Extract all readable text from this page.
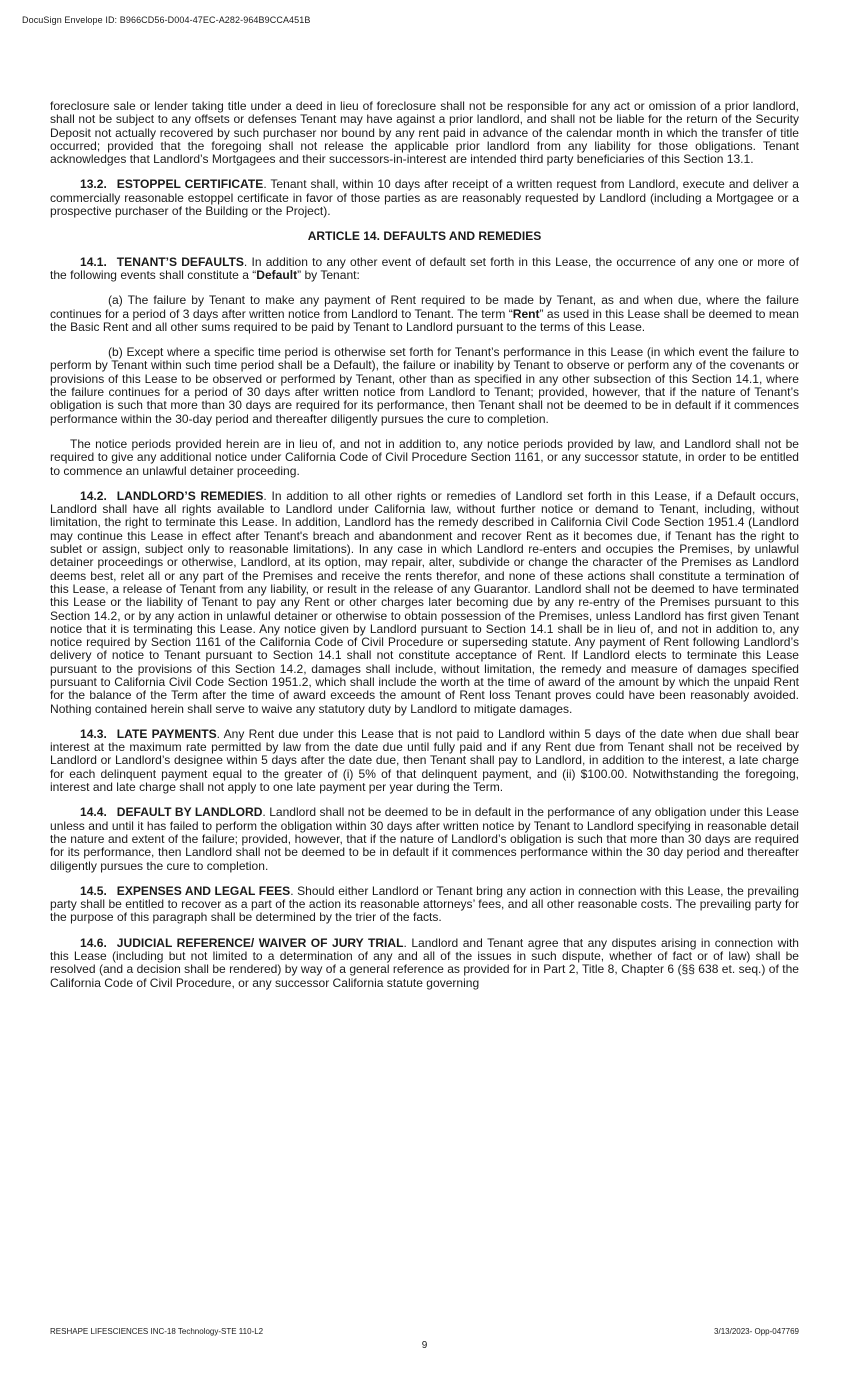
DocuSign Envelope ID: B966CD56-D004-47EC-A282-964B9CCA451B

foreclosure sale or lender taking title under a deed in lieu of foreclosure shall not be responsible for any act or omission of a prior landlord, shall not be subject to any offsets or defenses Tenant may have against a prior landlord, and shall not be liable for the return of the Security Deposit not actually recovered by such purchaser nor bound by any rent paid in advance of the calendar month in which the transfer of title occurred; provided that the foregoing shall not release the applicable prior landlord from any liability for those obligations. Tenant acknowledges that Landlord’s Mortgagees and their successors-in-interest are intended third party beneficiaries of this Section 13.1.

13.2. ESTOPPEL CERTIFICATE. Tenant shall, within 10 days after receipt of a written request from Landlord, execute and deliver a commercially reasonable estoppel certificate in favor of those parties as are reasonably requested by Landlord (including a Mortgagee or a prospective purchaser of the Building or the Project).

ARTICLE 14. DEFAULTS AND REMEDIES

14.1. TENANT’S DEFAULTS. In addition to any other event of default set forth in this Lease, the occurrence of any one or more of the following events shall constitute a “Default” by Tenant:

(a) The failure by Tenant to make any payment of Rent required to be made by Tenant, as and when due, where the failure continues for a period of 3 days after written notice from Landlord to Tenant. The term “Rent” as used in this Lease shall be deemed to mean the Basic Rent and all other sums required to be paid by Tenant to Landlord pursuant to the terms of this Lease.

(b) Except where a specific time period is otherwise set forth for Tenant’s performance in this Lease (in which event the failure to perform by Tenant within such time period shall be a Default), the failure or inability by Tenant to observe or perform any of the covenants or provisions of this Lease to be observed or performed by Tenant, other than as specified in any other subsection of this Section 14.1, where the failure continues for a period of 30 days after written notice from Landlord to Tenant; provided, however, that if the nature of Tenant’s obligation is such that more than 30 days are required for its performance, then Tenant shall not be deemed to be in default if it commences performance within the 30-day period and thereafter diligently pursues the cure to completion.

The notice periods provided herein are in lieu of, and not in addition to, any notice periods provided by law, and Landlord shall not be required to give any additional notice under California Code of Civil Procedure Section 1161, or any successor statute, in order to be entitled to commence an unlawful detainer proceeding.

14.2. LANDLORD’S REMEDIES. In addition to all other rights or remedies of Landlord set forth in this Lease, if a Default occurs, Landlord shall have all rights available to Landlord under California law, without further notice or demand to Tenant, including, without limitation, the right to terminate this Lease. In addition, Landlord has the remedy described in California Civil Code Section 1951.4 (Landlord may continue this Lease in effect after Tenant's breach and abandonment and recover Rent as it becomes due, if Tenant has the right to sublet or assign, subject only to reasonable limitations). In any case in which Landlord re-enters and occupies the Premises, by unlawful detainer proceedings or otherwise, Landlord, at its option, may repair, alter, subdivide or change the character of the Premises as Landlord deems best, relet all or any part of the Premises and receive the rents therefor, and none of these actions shall constitute a termination of this Lease, a release of Tenant from any liability, or result in the release of any Guarantor. Landlord shall not be deemed to have terminated this Lease or the liability of Tenant to pay any Rent or other charges later becoming due by any re-entry of the Premises pursuant to this Section 14.2, or by any action in unlawful detainer or otherwise to obtain possession of the Premises, unless Landlord has first given Tenant notice that it is terminating this Lease. Any notice given by Landlord pursuant to Section 14.1 shall be in lieu of, and not in addition to, any notice required by Section 1161 of the California Code of Civil Procedure or superseding statute. Any payment of Rent following Landlord’s delivery of notice to Tenant pursuant to Section 14.1 shall not constitute acceptance of Rent. If Landlord elects to terminate this Lease pursuant to the provisions of this Section 14.2, damages shall include, without limitation, the remedy and measure of damages specified pursuant to California Civil Code Section 1951.2, which shall include the worth at the time of award of the amount by which the unpaid Rent for the balance of the Term after the time of award exceeds the amount of Rent loss Tenant proves could have been reasonably avoided. Nothing contained herein shall serve to waive any statutory duty by Landlord to mitigate damages.

14.3. LATE PAYMENTS. Any Rent due under this Lease that is not paid to Landlord within 5 days of the date when due shall bear interest at the maximum rate permitted by law from the date due until fully paid and if any Rent due from Tenant shall not be received by Landlord or Landlord’s designee within 5 days after the date due, then Tenant shall pay to Landlord, in addition to the interest, a late charge for each delinquent payment equal to the greater of (i) 5% of that delinquent payment, and (ii) $100.00. Notwithstanding the foregoing, interest and late charge shall not apply to one late payment per year during the Term.

14.4. DEFAULT BY LANDLORD. Landlord shall not be deemed to be in default in the performance of any obligation under this Lease unless and until it has failed to perform the obligation within 30 days after written notice by Tenant to Landlord specifying in reasonable detail the nature and extent of the failure; provided, however, that if the nature of Landlord’s obligation is such that more than 30 days are required for its performance, then Landlord shall not be deemed to be in default if it commences performance within the 30 day period and thereafter diligently pursues the cure to completion.

14.5. EXPENSES AND LEGAL FEES. Should either Landlord or Tenant bring any action in connection with this Lease, the prevailing party shall be entitled to recover as a part of the action its reasonable attorneys’ fees, and all other reasonable costs. The prevailing party for the purpose of this paragraph shall be determined by the trier of the facts.

14.6. JUDICIAL REFERENCE/ WAIVER OF JURY TRIAL. Landlord and Tenant agree that any disputes arising in connection with this Lease (including but not limited to a determination of any and all of the issues in such dispute, whether of fact or of law) shall be resolved (and a decision shall be rendered) by way of a general reference as provided for in Part 2, Title 8, Chapter 6 (§§ 638 et. seq.) of the California Code of Civil Procedure, or any successor California statute governing

RESHAPE LIFESCIENCES INC-18 Technology-STE 110-L2	3/13/2023- Opp-047769
9
